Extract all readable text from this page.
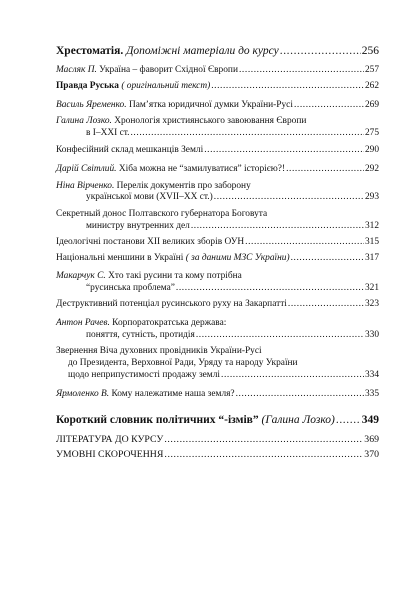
Хрестоматія. Допоміжні матеріали до курсу .....	256
Масляк П. Україна – фаворит Східної Європи .....	257
Правда Руська ( оригінальний текст) .....	262
Василь Яременко. Пам’ятка юридичної думки України-Русі .....	269
Галина Лозко. Хронологія християнського завоювання Європи
в І–ХХІ ст. .....	275
Конфесійний склад мешканців Землі .....	290
Дарій Світлий. Хіба можна не “замилуватися” історією?! .....	292
Ніна Вірченко. Перелік документів про заборону
української мови (ХVІІ–ХХ ст.) .....	293
Секретный донос Полтавского губернатора Боговута
министру внутренних дел .....	312
Ідеологічні постанови ХІІ великих зборів ОУН .....	315
Національні меншини в Україні ( за даними МЗС України) .....	317
Макарчук С. Хто такі русини та кому потрібна
“русинська проблема” .....	321
Деструктивний потенціал русинського руху на Закарпатті .....	323
Антон Рачев. Корпоратократська держава:
поняття, сутність, протидія .....	330
Звернення Віча духовних провідників України-Русі
до Президента, Верховної Ради, Уряду та народу України
щодо неприпустимості продажу землі .....	334
Ярмоленко В. Кому належатиме наша земля? .....	335
Короткий словник політичних “-ізмів” (Галина Лозко) ..... 349
ЛІТЕРАТУРА ДО КУРСУ .....	369
УМОВНІ СКОРОЧЕННЯ .....	370
